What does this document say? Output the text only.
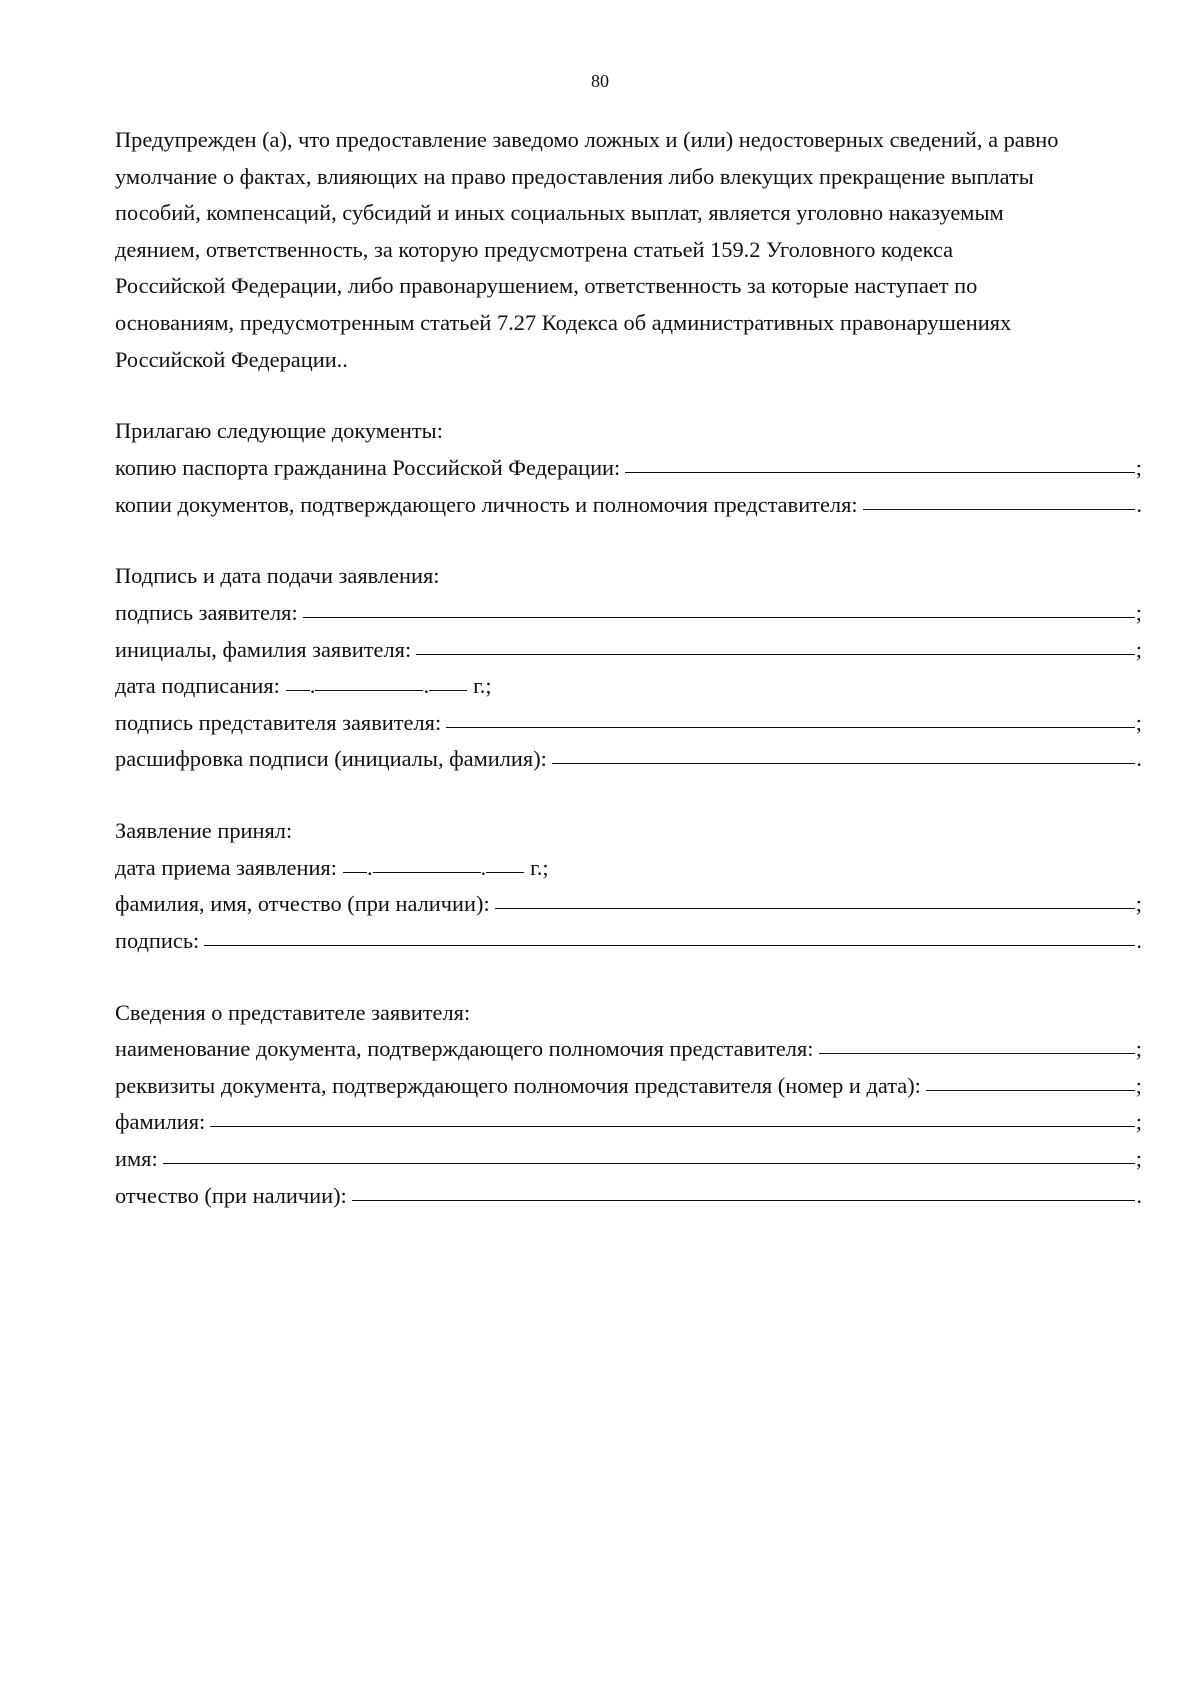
80

Предупрежден (а), что предоставление заведомо ложных и (или) недостоверных сведений, а равно

умолчание о фактах, влияющих на право предоставления либо влекущих прекращение выплаты

пособий, компенсаций, субсидий и иных социальных выплат, является уголовно наказуемым

деянием, ответственность, за которую предусмотрена статьей 159.2 Уголовного кодекса

Российской Федерации, либо правонарушением, ответственность за которые наступает по

основаниям, предусмотренным статьей 7.27 Кодекса об административных правонарушениях

Российской Федерации..

Прилагаю следующие документы:
копию паспорта гражданина Российской Федерации:	;
копии документов, подтверждающего личность и полномочия представителя:	.
Подпись и дата подачи заявления:
подпись заявителя:	;
инициалы, фамилия заявителя:	;
дата подписания: .	. г.;
подпись представителя заявителя:	;
расшифровка подписи (инициалы, фамилия):	.
Заявление принял:
дата приема заявления: .	. г.;
фамилия, имя, отчество (при наличии):	;
подпись:	.
Сведения о представителе заявителя:
наименование документа, подтверждающего полномочия представителя:	;
реквизиты документа, подтверждающего полномочия представителя (номер и дата):	;
фамилия:	;
имя:	;
отчество (при наличии):	.
